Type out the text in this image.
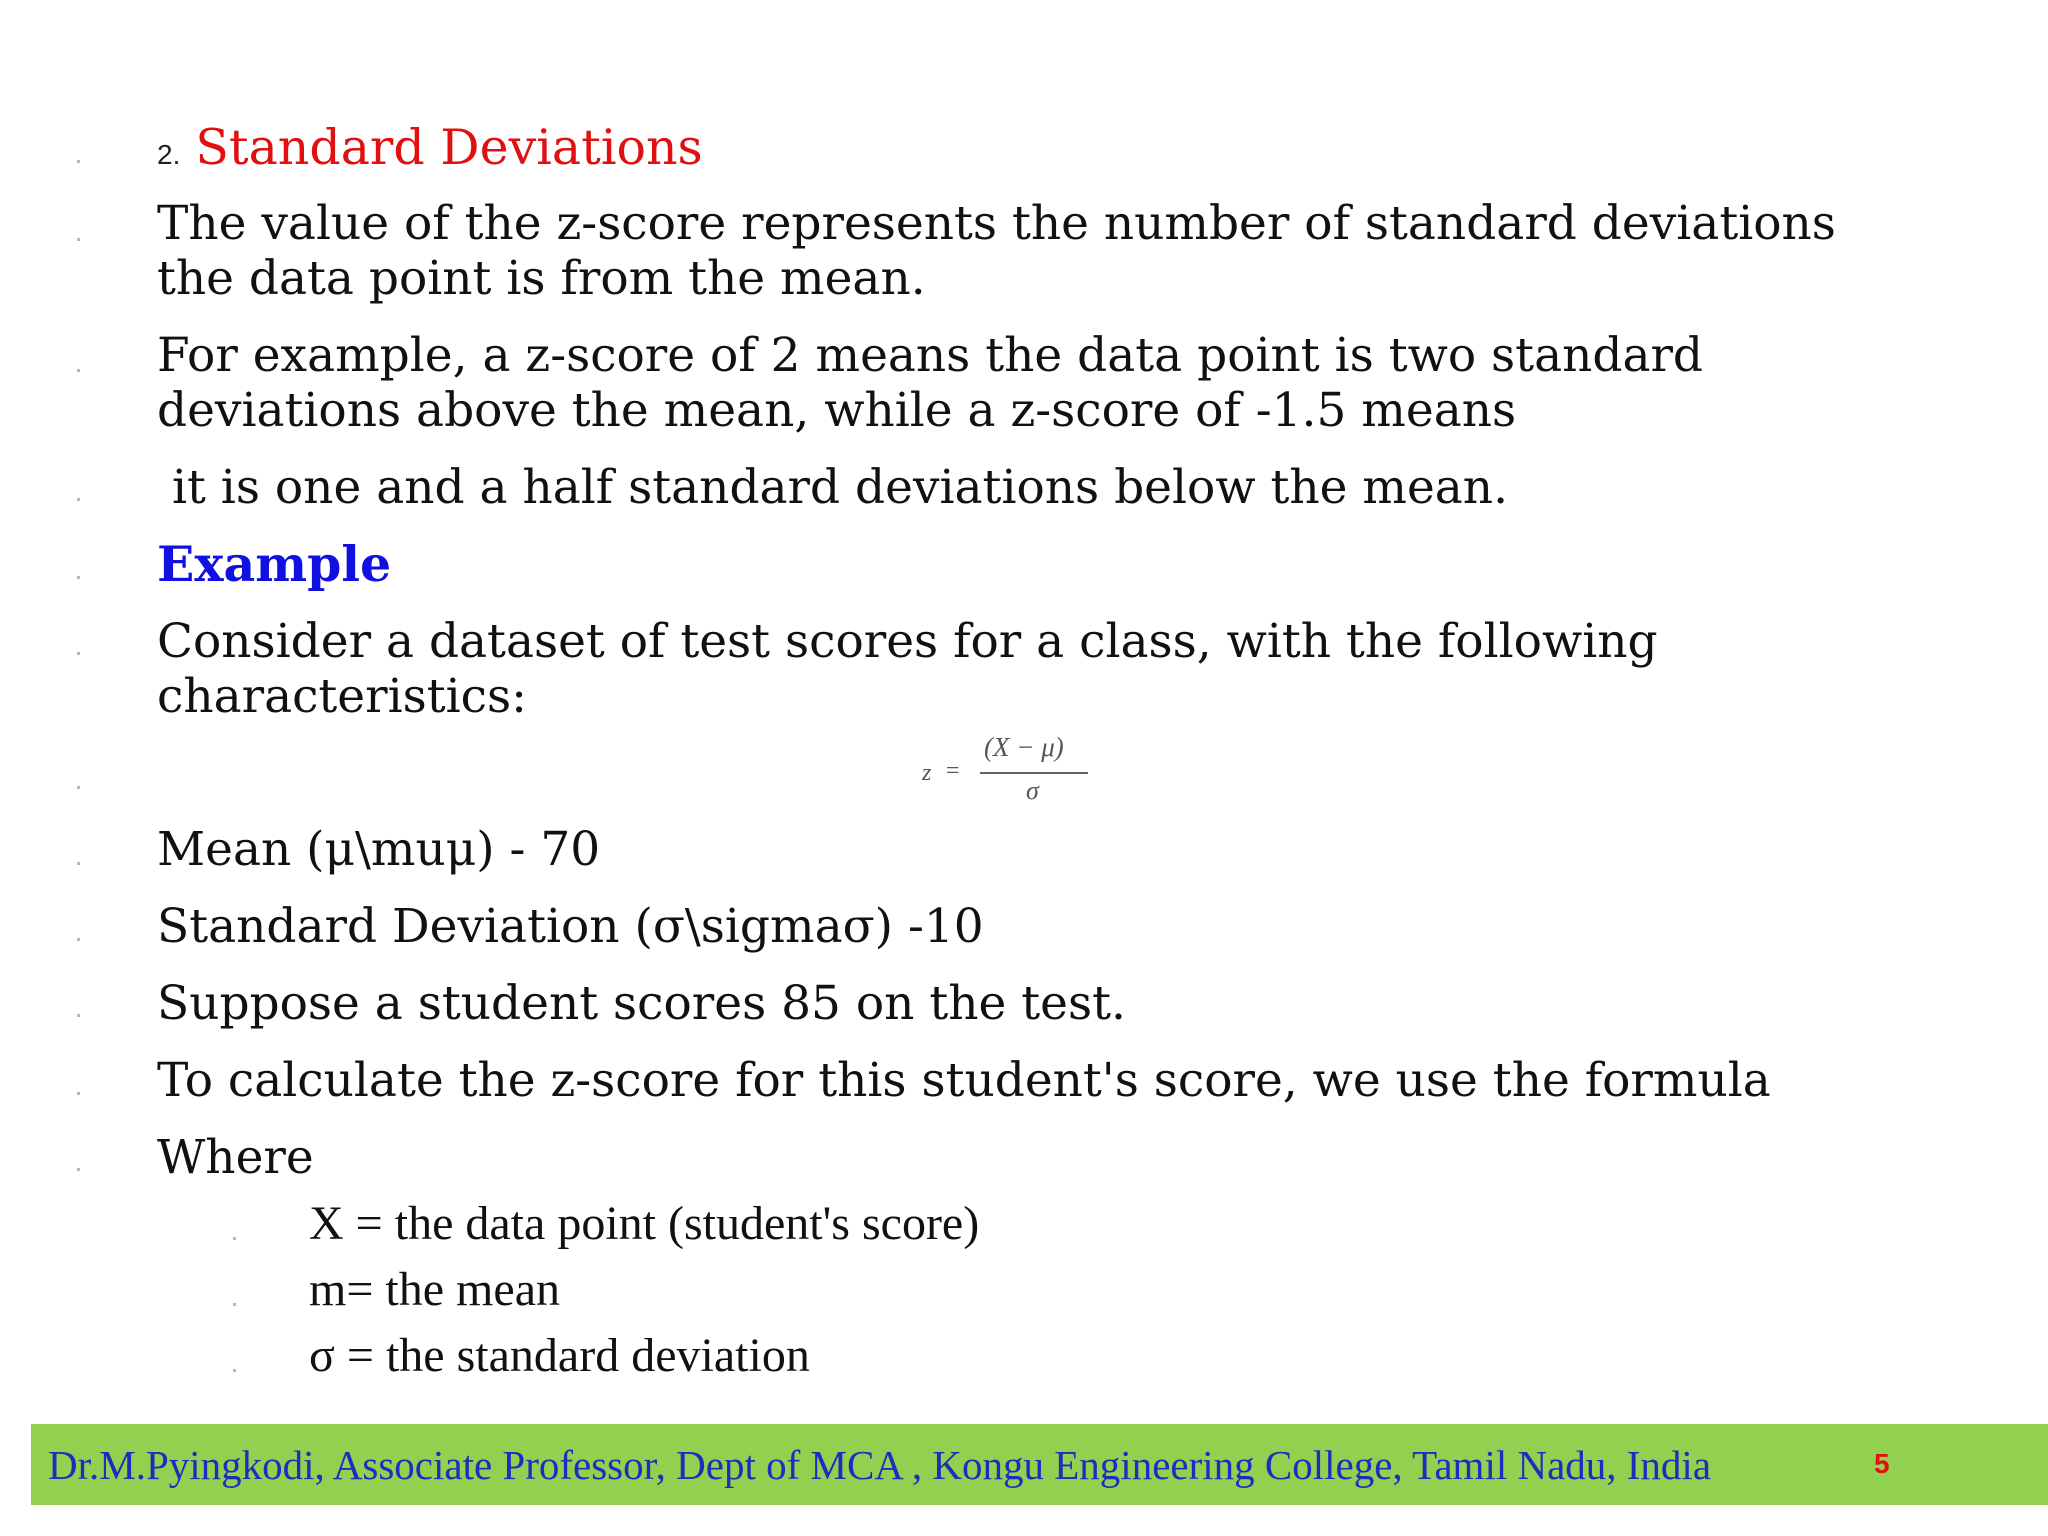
2. Standard Deviations
The value of the z-score represents the number of standard deviations
the data point is from the mean.
For example, a z-score of 2 means the data point is two standard
deviations above the mean, while a z-score of -1.5 means
it is one and a half standard deviations below the mean.
Example
Consider a dataset of test scores for a class, with the following
characteristics:
z =
(X − μ)
σ
Mean (μ\muμ) - 70
Standard Deviation (σ\sigmaσ) -10
Suppose a student scores 85 on the test.
To calculate the z-score for this student's score, we use the formula
Where
X = the data point (student's score)
m= the mean
σ = the standard deviation
Dr.M.Pyingkodi, Associate Professor, Dept of MCA , Kongu Engineering College, Tamil Nadu, India	5
